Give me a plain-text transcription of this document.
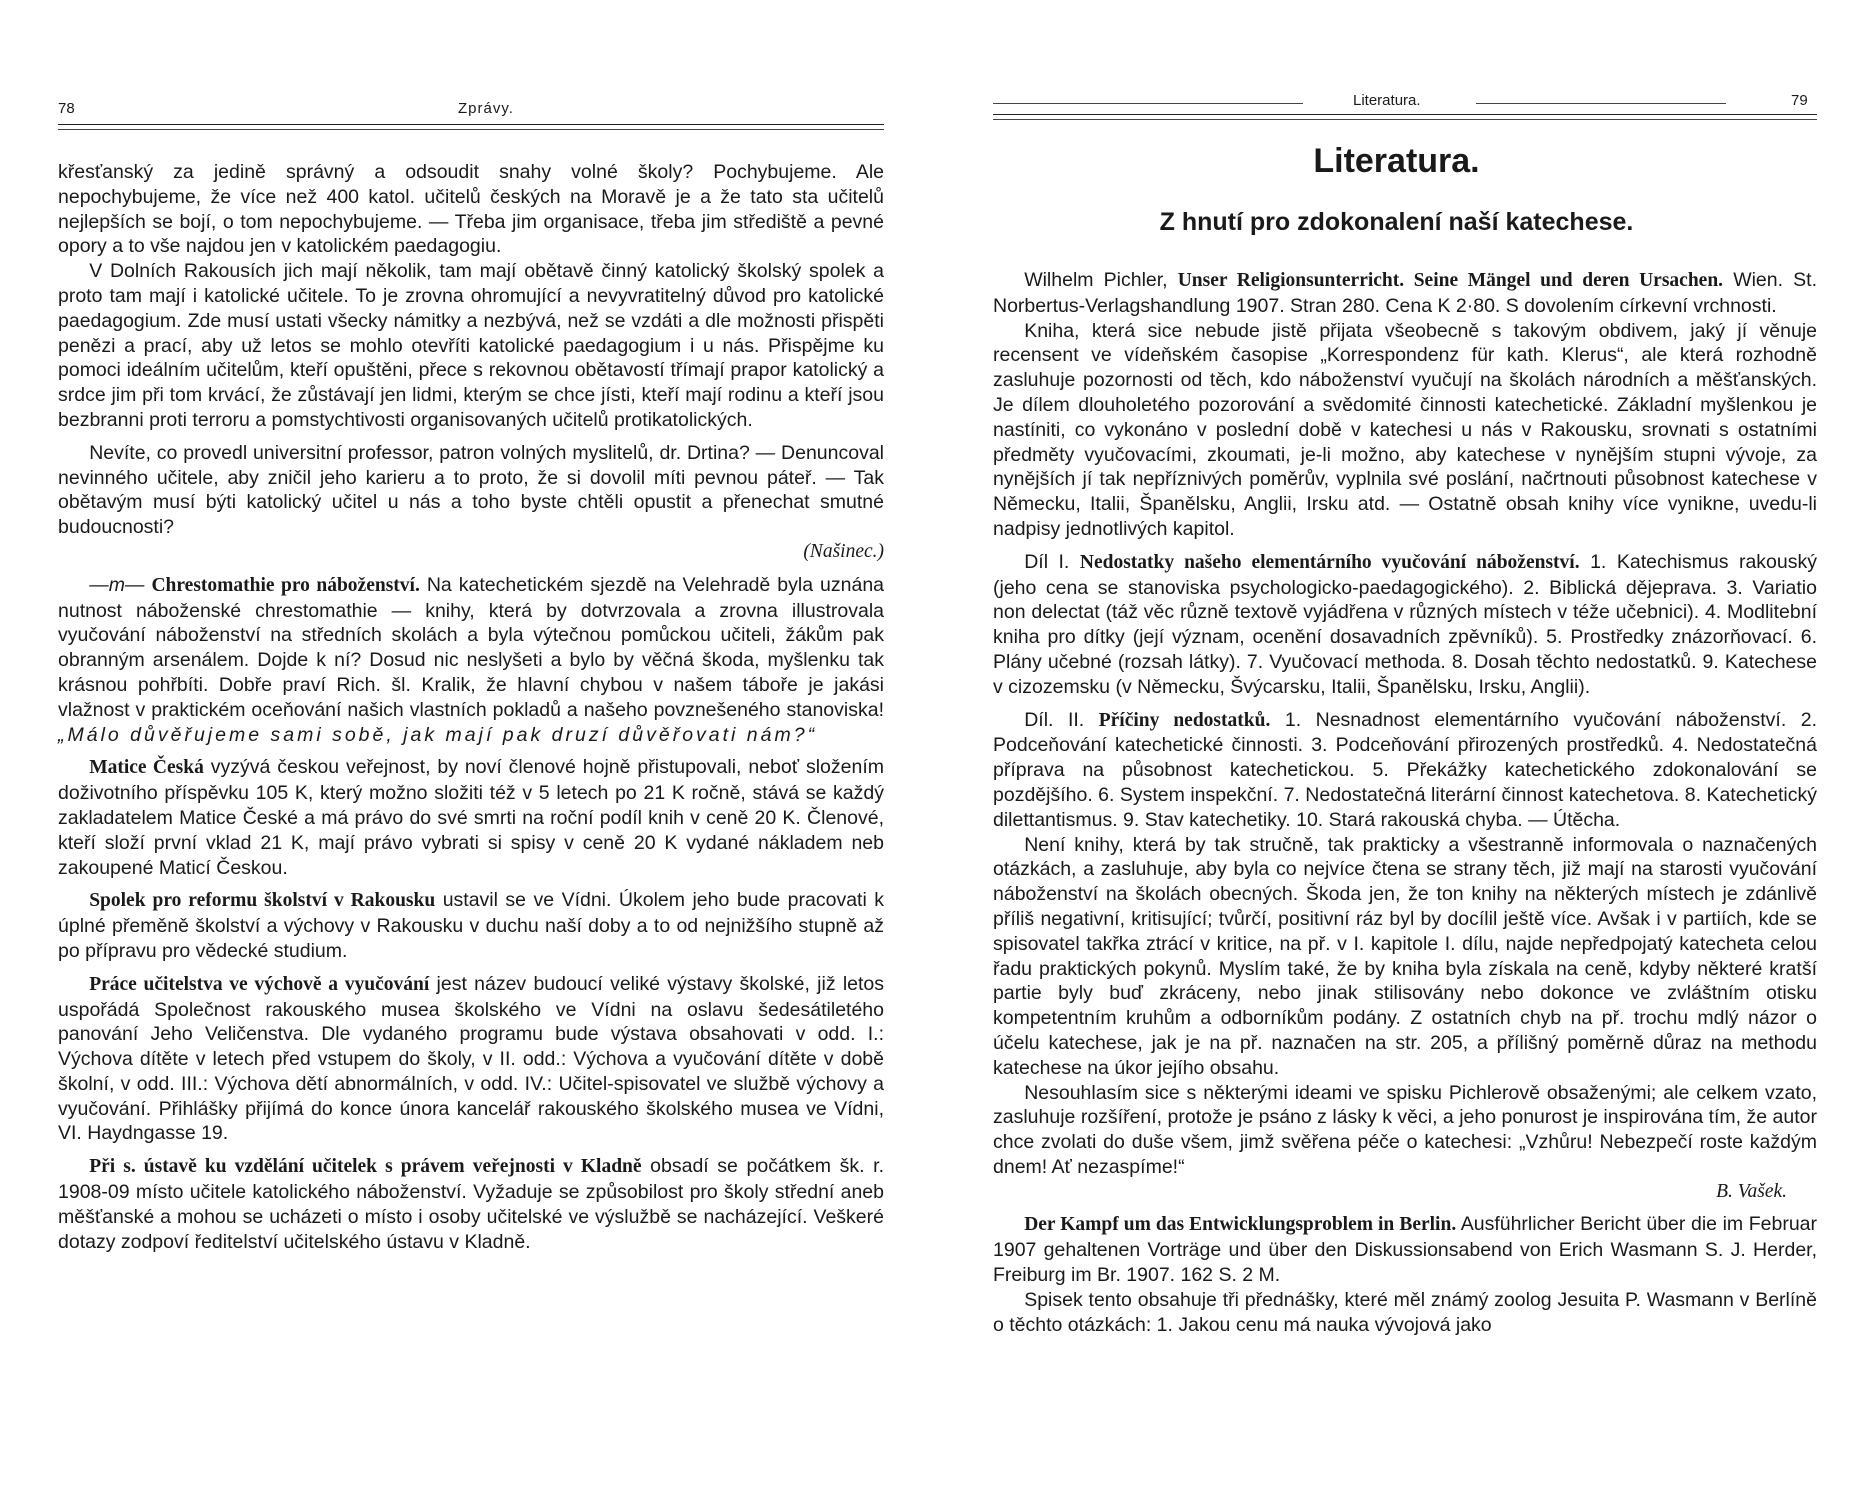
78	Zprávy.

křesťanský za jedině správný a odsoudit snahy volné školy? Pochybujeme. Ale nepochybujeme, že více než 400 katol. učitelů českých na Moravě je a že tato sta učitelů nejlepších se bojí, o tom nepochybujeme. — Třeba jim organisace, třeba jim střediště a pevné opory a to vše najdou jen v katolickém paedagogiu.

V Dolních Rakousích jich mají několik, tam mají obětavě činný katolický školský spolek a proto tam mají i katolické učitele. To je zrovna ohromující a nevyvratitelný důvod pro katolické paedagogium. Zde musí ustati všecky námitky a nezbývá, než se vzdáti a dle možnosti přispěti penězi a prací, aby už letos se mohlo otevříti katolické paedagogium i u nás. Přispějme ku pomoci ideálním učitelům, kteří opuštěni, přece s rekovnou obětavostí třímají prapor katolický a srdce jim při tom krvácí, že zůstávají jen lidmi, kterým se chce jísti, kteří mají rodinu a kteří jsou bezbranni proti terroru a pomstychtivosti organisovaných učitelů protikatolických.

Nevíte, co provedl universitní professor, patron volných myslitelů, dr. Drtina? — Denuncoval nevinného učitele, aby zničil jeho karieru a to proto, že si dovolil míti pevnou páteř. — Tak obětavým musí býti katolický učitel u nás a toho byste chtěli opustit a přenechat smutné budoucnosti?

(Našinec.)

—m— Chrestomathie pro náboženství. Na katechetickém sjezdě na Velehradě byla uznána nutnost náboženské chrestomathie — knihy, která by dotvrzovala a zrovna illustrovala vyučování náboženství na středních skolách a byla výtečnou pomůckou učiteli, žákům pak obranným arsenálem. Dojde k ní? Dosud nic neslyšeti a bylo by věčná škoda, myšlenku tak krásnou pohřbíti. Dobře praví Rich. šl. Kralik, že hlavní chybou v našem táboře je jakási vlažnost v praktickém oceňování našich vlastních pokladů a našeho povznešeného stanoviska! „Málo důvěřujeme sami sobě, jak mají pak druzí důvěřovati nám?“

Matice Česká vyzývá českou veřejnost, by noví členové hojně přistupovali, neboť složením doživotního příspěvku 105 K, který možno složiti též v 5 letech po 21 K ročně, stává se každý zakladatelem Matice České a má právo do své smrti na roční podíl knih v ceně 20 K. Členové, kteří složí první vklad 21 K, mají právo vybrati si spisy v ceně 20 K vydané nákladem neb zakoupené Maticí Českou.

Spolek pro reformu školství v Rakousku ustavil se ve Vídni. Úkolem jeho bude pracovati k úplné přeměně školství a výchovy v Rakousku v duchu naší doby a to od nejnižšího stupně až po přípravu pro vědecké studium.

Práce učitelstva ve výchově a vyučování jest název budoucí veliké výstavy školské, již letos uspořádá Společnost rakouského musea školského ve Vídni na oslavu šedesátiletého panování Jeho Veličenstva. Dle vydaného programu bude výstava obsahovati v odd. I.: Výchova dítěte v letech před vstupem do školy, v II. odd.: Výchova a vyučování dítěte v době školní, v odd. III.: Výchova dětí abnormálních, v odd. IV.: Učitel-spisovatel ve službě výchovy a vyučování. Přihlášky přijímá do konce února kancelář rakouského školského musea ve Vídni, VI. Haydngasse 19.

Při s. ústavě ku vzdělání učitelek s právem veřejnosti v Kladně obsadí se počátkem šk. r. 1908-09 místo učitele katolického náboženství. Vyžaduje se způsobilost pro školy střední aneb měšťanské a mohou se ucházeti o místo i osoby učitelské ve výslužbě se nacházející. Veškeré dotazy zodpoví ředitelství učitelského ústavu v Kladně.

Literatura.	79
Literatura.
Z hnutí pro zdokonalení naší katechese.

Wilhelm Pichler, Unser Religionsunterricht. Seine Mängel und deren Ursachen. Wien. St. Norbertus-Verlagshandlung 1907. Stran 280. Cena K 2·80. S dovolením církevní vrchnosti.

Kniha, která sice nebude jistě přijata všeobecně s takovým obdivem, jaký jí věnuje recensent ve vídeňském časopise „Korrespondenz für kath. Klerus“, ale která rozhodně zasluhuje pozornosti od těch, kdo náboženství vyučují na školách národních a měšťanských. Je dílem dlouholetého pozorování a svědomité činnosti katechetické. Základní myšlenkou je nastíniti, co vykonáno v poslední době v katechesi u nás v Rakousku, srovnati s ostatními předměty vyučovacími, zkoumati, je-li možno, aby katechese v nynějším stupni vývoje, za nynějších jí tak nepříznivých poměrův, vyplnila své poslání, načrtnouti působnost katechese v Německu, Italii, Španělsku, Anglii, Irsku atd. — Ostatně obsah knihy více vynikne, uvedu-li nadpisy jednotlivých kapitol.

Díl I. Nedostatky našeho elementárního vyučování náboženství. 1. Katechismus rakouský (jeho cena se stanoviska psychologicko-paedagogického). 2. Biblická dějeprava. 3. Variatio non delectat (táž věc různě textově vyjádřena v různých místech v téže učebnici). 4. Modlitební kniha pro dítky (její význam, ocenění dosavadních zpěvníků). 5. Prostředky znázorňovací. 6. Plány učebné (rozsah látky). 7. Vyučovací methoda. 8. Dosah těchto nedostatků. 9. Katechese v cizozemsku (v Německu, Švýcarsku, Italii, Španělsku, Irsku, Anglii).

Díl. II. Příčiny nedostatků. 1. Nesnadnost elementárního vyučování náboženství. 2. Podceňování katechetické činnosti. 3. Podceňování přirozených prostředků. 4. Nedostatečná příprava na působnost katechetickou. 5. Překážky katechetického zdokonalování se pozdějšího. 6. System inspekční. 7. Nedostatečná literární činnost katechetova. 8. Katechetický dilettantismus. 9. Stav katechetiky. 10. Stará rakouská chyba. — Útěcha.

Není knihy, která by tak stručně, tak prakticky a všestranně informovala o naznačených otázkách, a zasluhuje, aby byla co nejvíce čtena se strany těch, již mají na starosti vyučování náboženství na školách obecných. Škoda jen, že ton knihy na některých místech je zdánlivě příliš negativní, kritisující; tvůrčí, positivní ráz byl by docílil ještě více. Avšak i v partiích, kde se spisovatel takřka ztrácí v kritice, na př. v I. kapitole I. dílu, najde nepředpojatý katecheta celou řadu praktických pokynů. Myslím také, že by kniha byla získala na ceně, kdyby některé kratší partie byly buď zkráceny, nebo jinak stilisovány nebo dokonce ve zvláštním otisku kompetentním kruhům a odborníkům podány. Z ostatních chyb na př. trochu mdlý názor o účelu katechese, jak je na př. naznačen na str. 205, a přílišný poměrně důraz na methodu katechese na úkor jejího obsahu.

Nesouhlasím sice s některými ideami ve spisku Pichlerově obsaženými; ale celkem vzato, zasluhuje rozšíření, protože je psáno z lásky k věci, a jeho ponurost je inspirována tím, že autor chce zvolati do duše všem, jimž svěřena péče o katechesi: „Vzhůru! Nebezpečí roste každým dnem! Ať nezaspíme!“

B. Vašek.

Der Kampf um das Entwicklungsproblem in Berlin. Ausführlicher Bericht über die im Februar 1907 gehaltenen Vorträge und über den Diskussionsabend von Erich Wasmann S. J. Herder, Freiburg im Br. 1907. 162 S. 2 M.

Spisek tento obsahuje tři přednášky, které měl známý zoolog Jesuita P. Wasmann v Berlíně o těchto otázkách: 1. Jakou cenu má nauka vývojová jako
